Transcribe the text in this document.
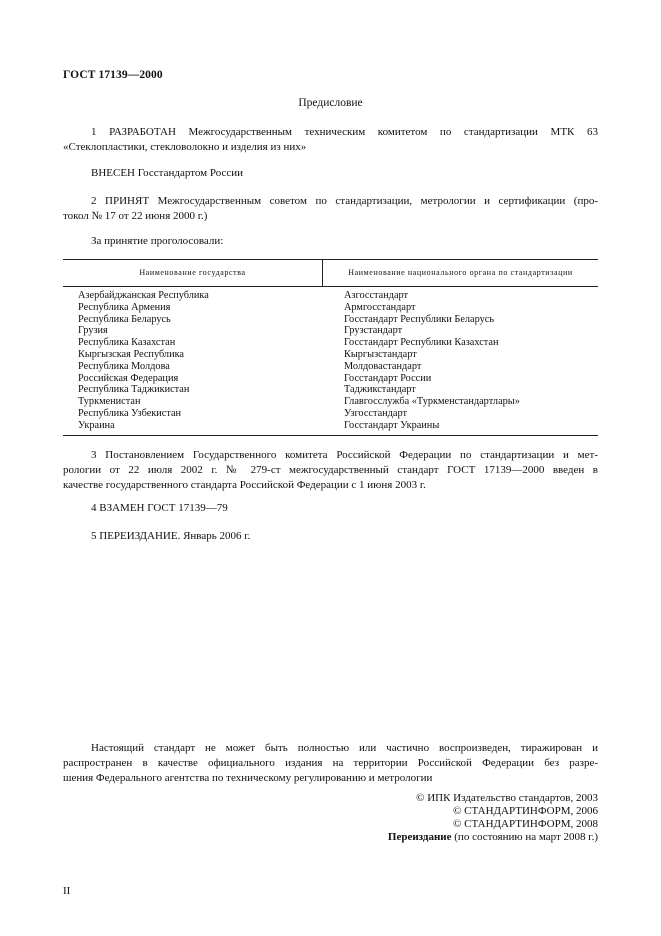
ГОСТ 17139—2000
Предисловие
1 РАЗРАБОТАН Межгосударственным техническим комитетом по стандартизации МТК 63
«Стеклопластики, стекловолокно и изделия из них»
ВНЕСЕН Госстандартом России
2 ПРИНЯТ Межгосударственным советом по стандартизации, метрологии и сертификации (про-
токол № 17 от 22 июня 2000 г.)
За принятие проголосовали:
Наименование государства	Наименование национального органа по стандартизации
Азербайджанская Республика
Республика Армения
Республика Беларусь
Грузия
Республика Казахстан
Кыргызская Республика
Республика Молдова
Российская Федерация
Республика Таджикистан
Туркменистан
Республика Узбекистан
Украина
Азгосстандарт
Армгосстандарт
Госстандарт Республики Беларусь
Грузстандарт
Госстандарт Республики Казахстан
Кыргызстандарт
Молдовастандарт
Госстандарт России
Таджикстандарт
Главгосслужба «Туркменстандартлары»
Узгосстандарт
Госстандарт Украины
3 Постановлением Государственного комитета Российской Федерации по стандартизации и мет-
рологии от 22 июля 2002 г. № 279-ст межгосударственный стандарт ГОСТ 17139—2000 введен в
качестве государственного стандарта Российской Федерации с 1 июня 2003 г.
4 ВЗАМЕН ГОСТ 17139—79
5 ПЕРЕИЗДАНИЕ. Январь 2006 г.
Настоящий стандарт не может быть полностью или частично воспроизведен, тиражирован и
распространен в качестве официального издания на территории Российской Федерации без разре-
шения Федерального агентства по техническому регулированию и метрологии
© ИПК Издательство стандартов, 2003
© СТАНДАРТИНФОРМ, 2006
© СТАНДАРТИНФОРМ, 2008
Переиздание (по состоянию на март 2008 г.)
II
